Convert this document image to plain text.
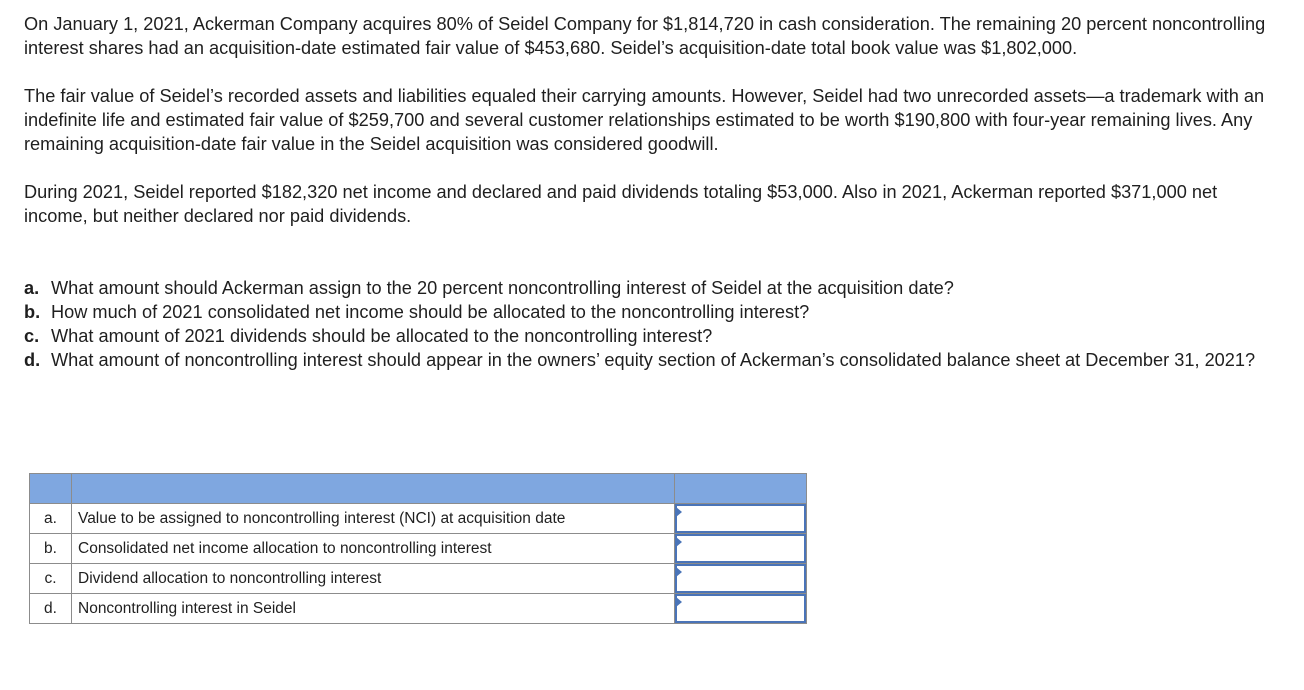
On January 1, 2021, Ackerman Company acquires 80% of Seidel Company for $1,814,720 in cash consideration. The remaining 20 percent noncontrolling interest shares had an acquisition-date estimated fair value of $453,680. Seidel’s acquisition-date total book value was $1,802,000.

The fair value of Seidel’s recorded assets and liabilities equaled their carrying amounts. However, Seidel had two unrecorded assets—a trademark with an indefinite life and estimated fair value of $259,700 and several customer relationships estimated to be worth $190,800 with four-year remaining lives. Any remaining acquisition-date fair value in the Seidel acquisition was considered goodwill.

During 2021, Seidel reported $182,320 net income and declared and paid dividends totaling $53,000. Also in 2021, Ackerman reported $371,000 net income, but neither declared nor paid dividends.

a. What amount should Ackerman assign to the 20 percent noncontrolling interest of Seidel at the acquisition date?
b. How much of 2021 consolidated net income should be allocated to the noncontrolling interest?
c. What amount of 2021 dividends should be allocated to the noncontrolling interest?
d. What amount of noncontrolling interest should appear in the owners’ equity section of Ackerman’s consolidated balance sheet at December 31, 2021?

a.	Value to be assigned to noncontrolling interest (NCI) at acquisition date	

b.	Consolidated net income allocation to noncontrolling interest	

c.	Dividend allocation to noncontrolling interest	

d.	Noncontrolling interest in Seidel	
